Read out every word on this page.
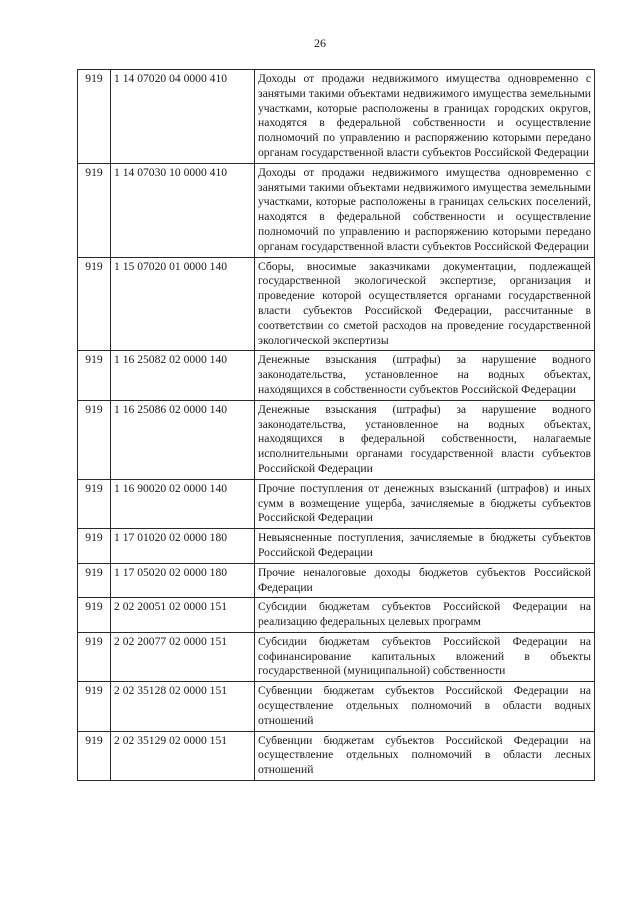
26
919	1 14 07020 04 0000 410	Доходы от продажи недвижимого имущества одновременно с занятыми такими объектами недвижимого имущества земельными участками, которые расположены в границах городских округов, находятся в федеральной собственности и осуществление полномочий по управлению и распоряжению которыми передано органам государственной власти субъектов Российской Федерации
919	1 14 07030 10 0000 410	Доходы от продажи недвижимого имущества одновременно с занятыми такими объектами недвижимого имущества земельными участками, которые расположены в границах сельских поселений, находятся в федеральной собственности и осуществление полномочий по управлению и распоряжению которыми передано органам государственной власти субъектов Российской Федерации
919	1 15 07020 01 0000 140	Сборы, вносимые заказчиками документации, подлежащей государственной экологической экспертизе, организация и проведение которой осуществляется органами государственной власти субъектов Российской Федерации, рассчитанные в соответствии со сметой расходов на проведение государственной экологической экспертизы
919	1 16 25082 02 0000 140	Денежные взыскания (штрафы) за нарушение водного законодательства, установленное на водных объектах, находящихся в собственности субъектов Российской Федерации
919	1 16 25086 02 0000 140	Денежные взыскания (штрафы) за нарушение водного законодательства, установленное на водных объектах, находящихся в федеральной собственности, налагаемые исполнительными органами государственной власти субъектов Российской Федерации
919	1 16 90020 02 0000 140	Прочие поступления от денежных взысканий (штрафов) и иных сумм в возмещение ущерба, зачисляемые в бюджеты субъектов Российской Федерации
919	1 17 01020 02 0000 180	Невыясненные поступления, зачисляемые в бюджеты субъектов Российской Федерации
919	1 17 05020 02 0000 180	Прочие неналоговые доходы бюджетов субъектов Российской Федерации
919	2 02 20051 02 0000 151	Субсидии бюджетам субъектов Российской Федерации на реализацию федеральных целевых программ
919	2 02 20077 02 0000 151	Субсидии бюджетам субъектов Российской Федерации на софинансирование капитальных вложений в объекты государственной (муниципальной) собственности
919	2 02 35128 02 0000 151	Субвенции бюджетам субъектов Российской Федерации на осуществление отдельных полномочий в области водных отношений
919	2 02 35129 02 0000 151	Субвенции бюджетам субъектов Российской Федерации на осуществление отдельных полномочий в области лесных отношений
